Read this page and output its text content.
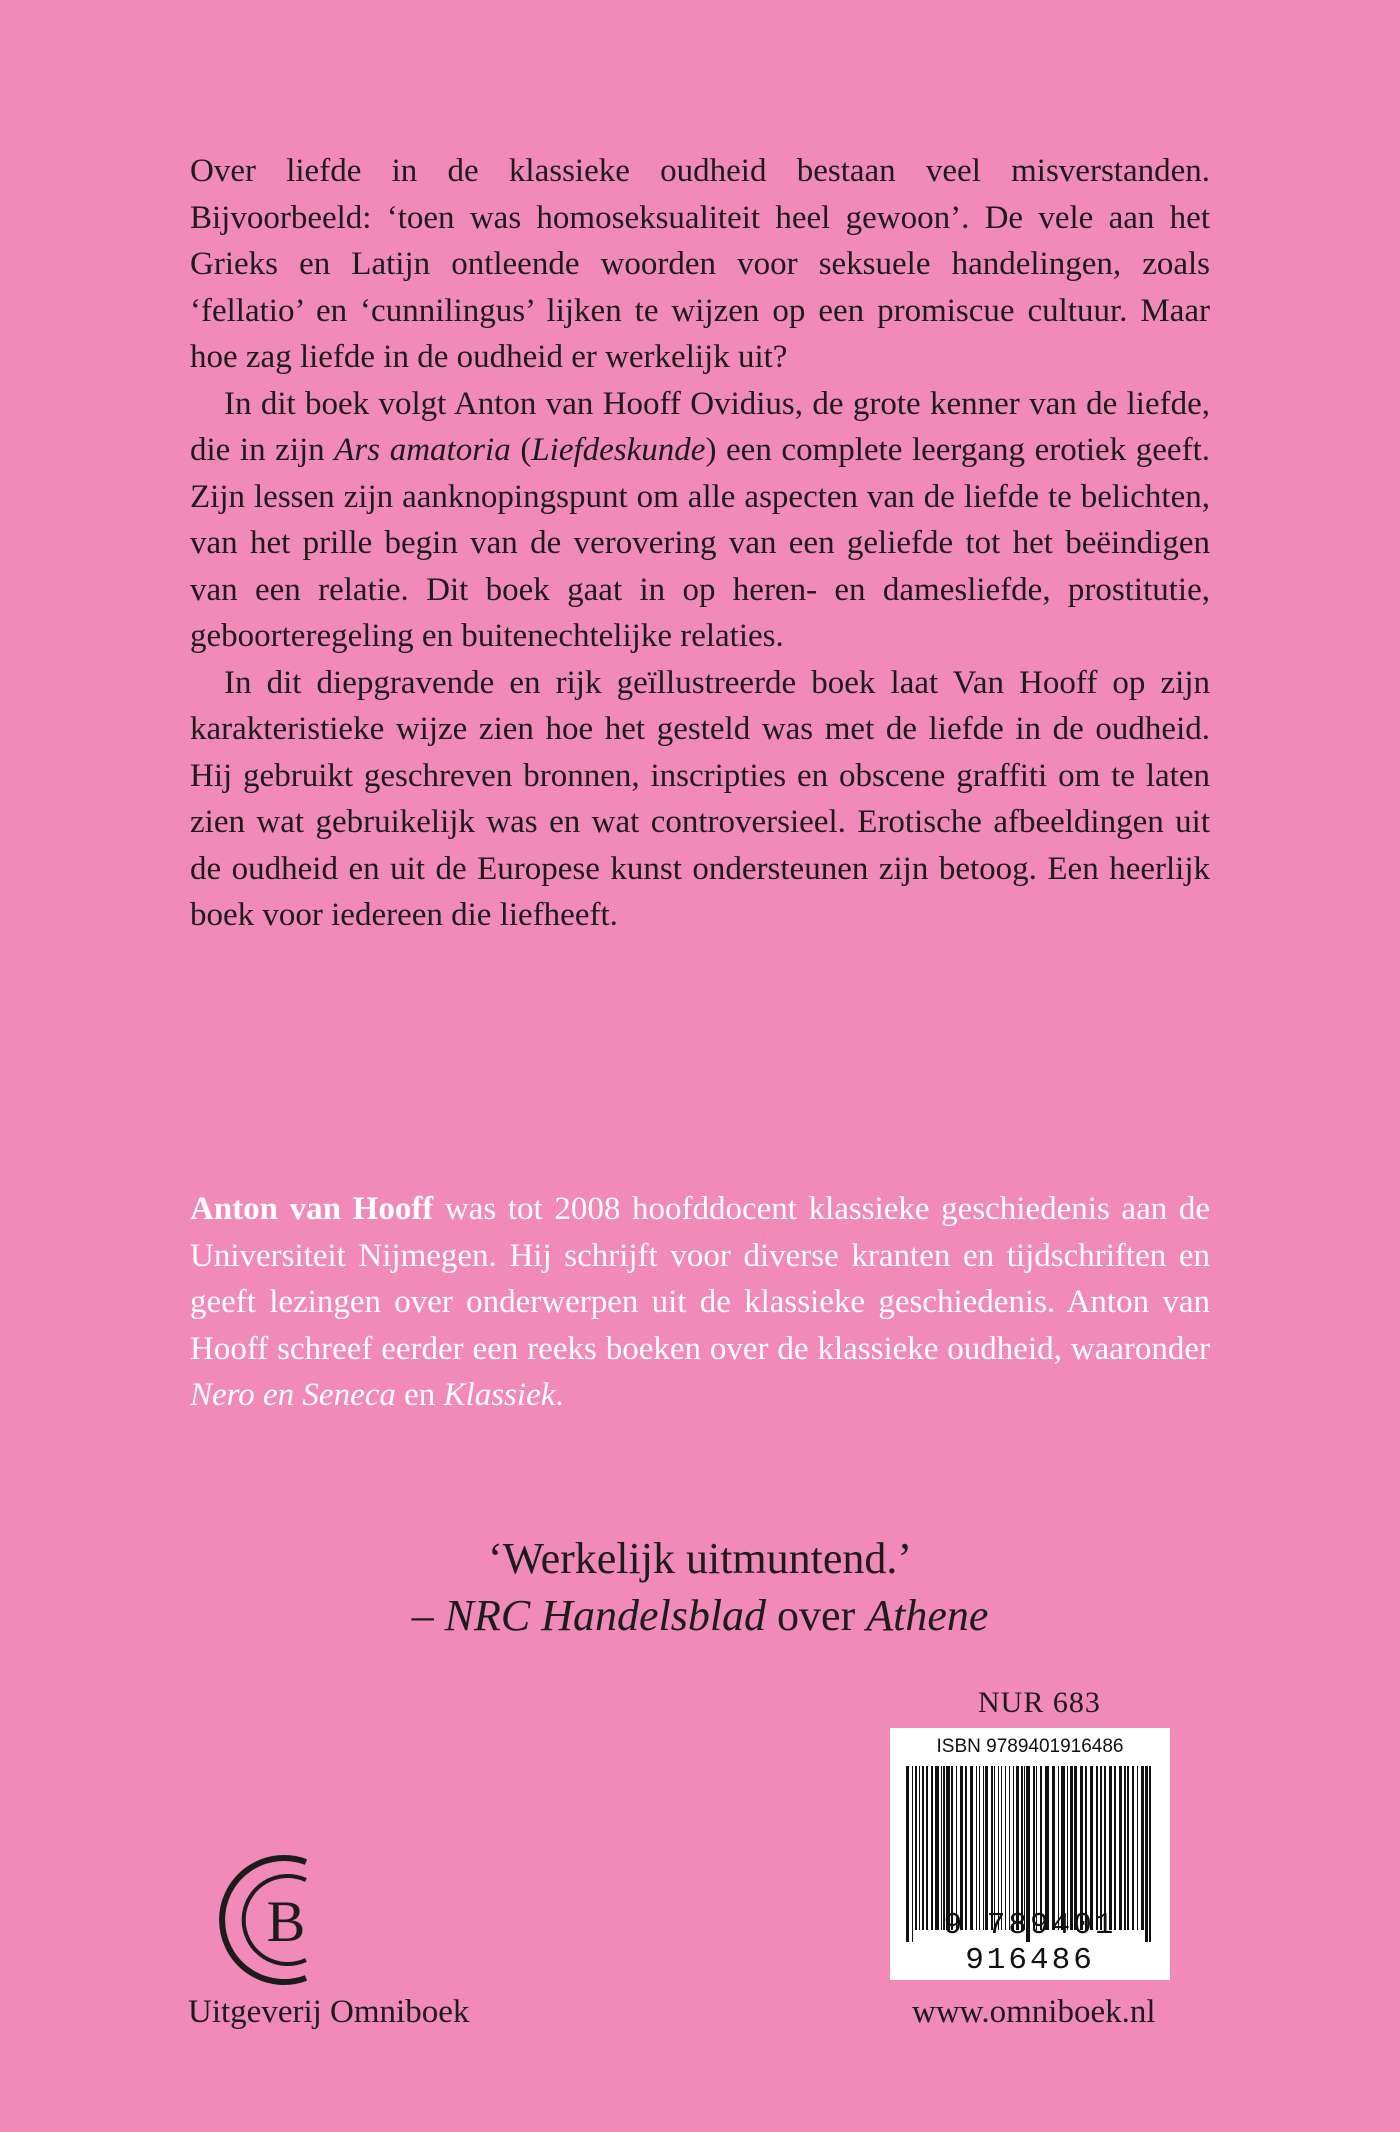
Over liefde in de klassieke oudheid bestaan veel misverstanden. Bijvoorbeeld: ‘toen was homoseksualiteit heel gewoon’. De vele aan het Grieks en Latijn ontleende woorden voor seksuele handelingen, zoals ‘fellatio’ en ‘cunnilingus’ lijken te wijzen op een promiscue cultuur. Maar hoe zag liefde in de oudheid er werkelijk uit?

In dit boek volgt Anton van Hooff Ovidius, de grote kenner van de liefde, die in zijn Ars amatoria (Liefdeskunde) een complete leergang erotiek geeft. Zijn lessen zijn aanknopingspunt om alle aspecten van de liefde te belichten, van het prille begin van de verovering van een geliefde tot het beëindigen van een relatie. Dit boek gaat in op heren- en damesliefde, prostitutie, geboorteregeling en buitenechtelijke relaties.

In dit diepgravende en rijk geïllustreerde boek laat Van Hooff op zijn karakteristieke wijze zien hoe het gesteld was met de liefde in de oudheid. Hij gebruikt geschreven bronnen, inscripties en obscene graffiti om te laten zien wat gebruikelijk was en wat controversieel. Erotische afbeeldingen uit de oudheid en uit de Europese kunst ondersteunen zijn betoog. Een heerlijk boek voor iedereen die liefheeft.

Anton van Hooff was tot 2008 hoofddocent klassieke geschiedenis aan de Universiteit Nijmegen. Hij schrijft voor diverse kranten en tijdschriften en geeft lezingen over onderwerpen uit de klassieke geschiedenis. Anton van Hooff schreef eerder een reeks boeken over de klassieke oudheid, waaronder Nero en Seneca en Klassiek.
‘Werkelijk uitmuntend.’
– NRC Handelsblad over Athene
NUR 683
ISBN 9789401916486
9 789401 916486
B
Uitgeverij Omniboek	www.omniboek.nl
